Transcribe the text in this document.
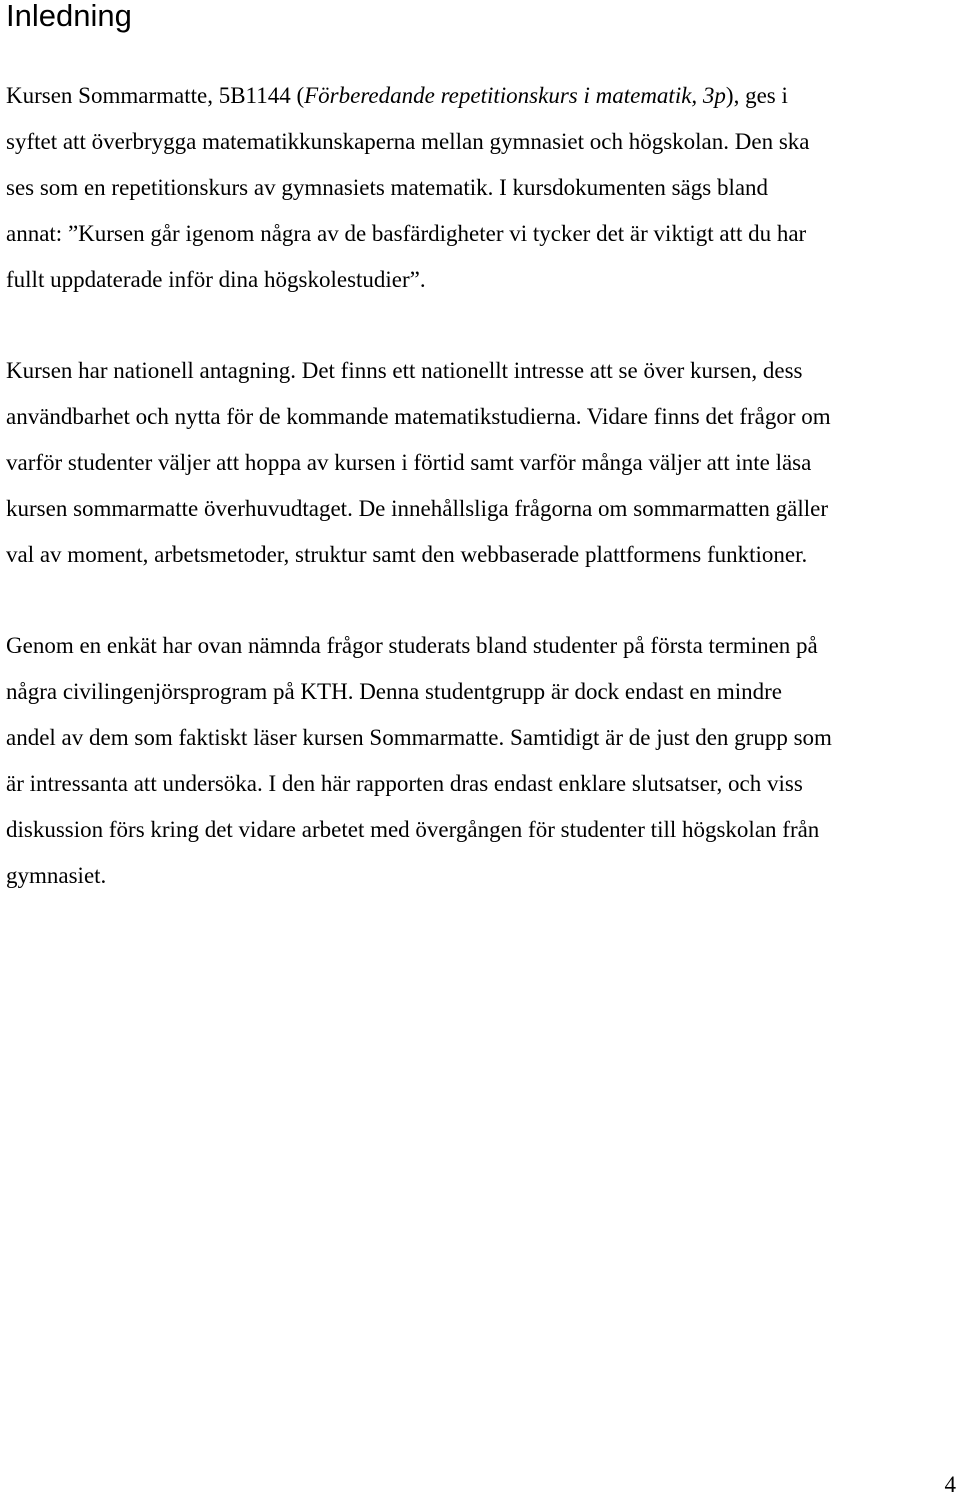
Inledning

Kursen Sommarmatte, 5B1144 (Förberedande repetitionskurs i matematik, 3p), ges i
syftet att överbrygga matematikkunskaperna mellan gymnasiet och högskolan. Den ska
ses som en repetitionskurs av gymnasiets matematik. I kursdokumenten sägs bland
annat: ”Kursen går igenom några av de basfärdigheter vi tycker det är viktigt att du har
fullt uppdaterade inför dina högskolestudier”.

Kursen har nationell antagning. Det finns ett nationellt intresse att se över kursen, dess
användbarhet och nytta för de kommande matematikstudierna. Vidare finns det frågor om
varför studenter väljer att hoppa av kursen i förtid samt varför många väljer att inte läsa
kursen sommarmatte överhuvudtaget. De innehållsliga frågorna om sommarmatten gäller
val av moment, arbetsmetoder, struktur samt den webbaserade plattformens funktioner.

Genom en enkät har ovan nämnda frågor studerats bland studenter på första terminen på
några civilingenjörsprogram på KTH. Denna studentgrupp är dock endast en mindre
andel av dem som faktiskt läser kursen Sommarmatte. Samtidigt är de just den grupp som
är intressanta att undersöka. I den här rapporten dras endast enklare slutsatser, och viss
diskussion förs kring det vidare arbetet med övergången för studenter till högskolan från
gymnasiet.

4
